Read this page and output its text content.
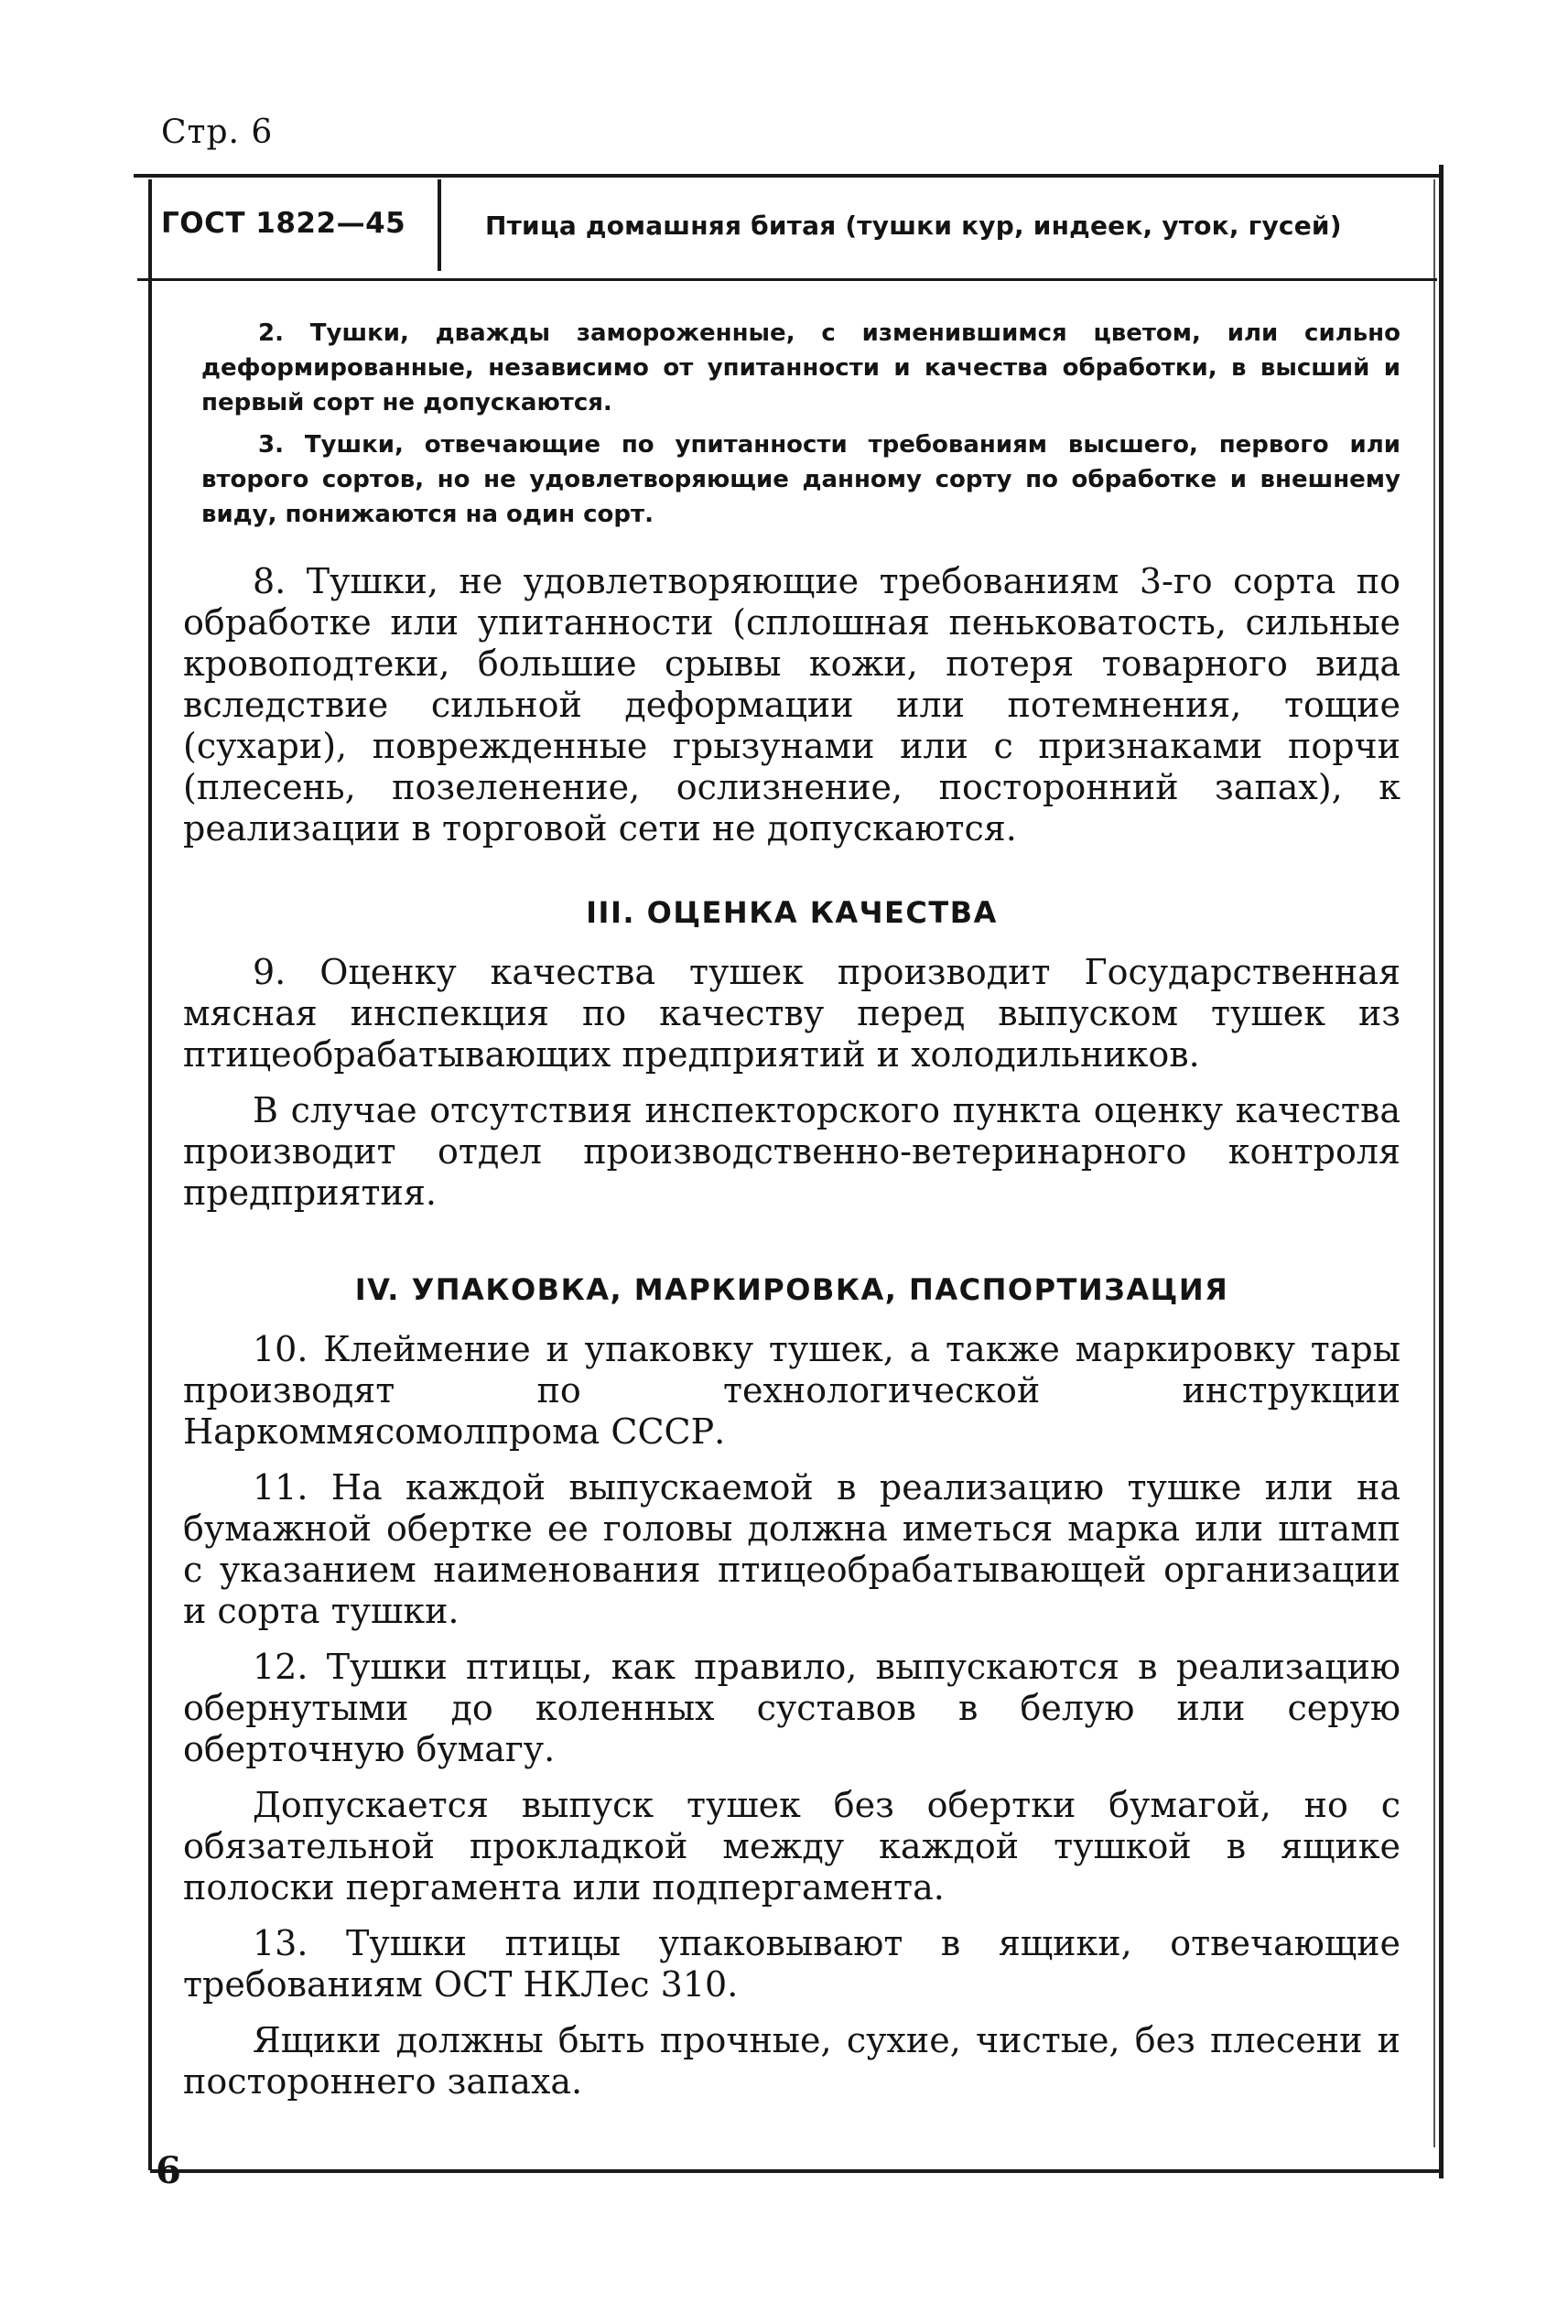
Стр. 6
ГОСТ 1822—45	Птица домашняя битая (тушки кур, индеек, уток, гусей)

2. Тушки, дважды замороженные, с изменившимся цветом, или сильно деформированные, независимо от упитанности и качества обработки, в высший и первый сорт не допускаются.

3. Тушки, отвечающие по упитанности требованиям высшего, первого или второго сортов, но не удовлетворяющие данному сорту по обработке и внешнему виду, понижаются на один сорт.

8. Тушки, не удовлетворяющие требованиям 3-го сорта по обработке или упитанности (сплошная пеньковатость, сильные кровоподтеки, большие срывы кожи, потеря товарного вида вследствие сильной деформации или потемнения, тощие (сухари), поврежденные грызунами или с признаками порчи (плесень, позеленение, ослизнение, посторонний запах), к реализации в торговой сети не допускаются.

III. ОЦЕНКА КАЧЕСТВА

9. Оценку качества тушек производит Государственная мясная инспекция по качеству перед выпуском тушек из птицеобрабатывающих предприятий и холодильников.

В случае отсутствия инспекторского пункта оценку качества производит отдел производственно-ветеринарного контроля предприятия.

IV. УПАКОВКА, МАРКИРОВКА, ПАСПОРТИЗАЦИЯ

10. Клеймение и упаковку тушек, а также маркировку тары производят по технологической инструкции Наркоммясомолпрома СССР.

11. На каждой выпускаемой в реализацию тушке или на бумажной обертке ее головы должна иметься марка или штамп с указанием наименования птицеобрабатывающей организации и сорта тушки.

12. Тушки птицы, как правило, выпускаются в реализацию обернутыми до коленных суставов в белую или серую оберточную бумагу.

Допускается выпуск тушек без обертки бумагой, но с обязательной прокладкой между каждой тушкой в ящике полоски пергамента или подпергамента.

13. Тушки птицы упаковывают в ящики, отвечающие требованиям ОСТ НКЛес 310.

Ящики должны быть прочные, сухие, чистые, без плесени и постороннего запаха.

6
